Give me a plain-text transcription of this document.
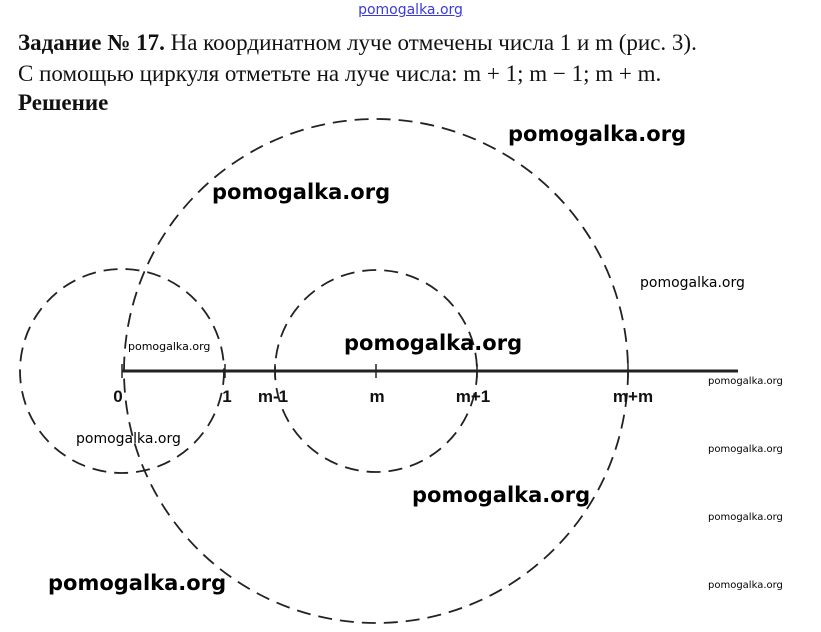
pomogalka.org
Задание № 17. На координатном луче отмечены числа 1 и m (рис. 3).
С помощью циркуля отметьте на луче числа: m + 1; m − 1; m + m.
Решение
0	1 m-1	m	m+1	m+m
pomogalka.org
pomogalka.org
pomogalka.org
pomogalka.org	pomogalka.org
pomogalka.org
pomogalka.org
pomogalka.org
pomogalka.org
pomogalka.org
pomogalka.org	pomogalka.org
